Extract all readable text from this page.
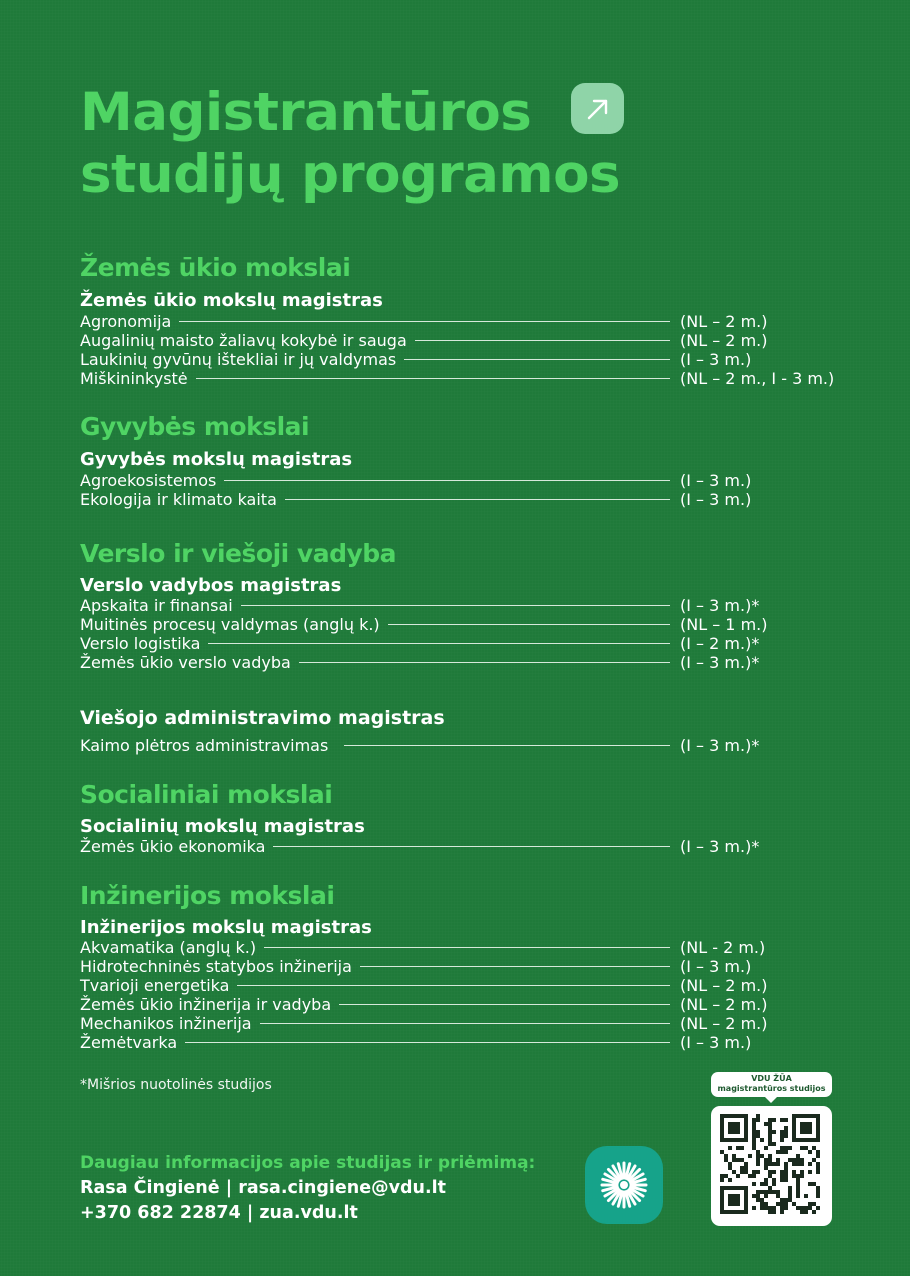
Magistrantūros
studijų programos
Žemės ūkio mokslai
Žemės ūkio mokslų magistras
Agronomija	(NL – 2 m.)
Augalinių maisto žaliavų kokybė ir sauga	(NL – 2 m.)
Laukinių gyvūnų ištekliai ir jų valdymas	(I – 3 m.)
Miškininkystė	(NL – 2 m., I - 3 m.)
Gyvybės mokslai
Gyvybės mokslų magistras
Agroekosistemos	(I – 3 m.)
Ekologija ir klimato kaita	(I – 3 m.)
Verslo ir viešoji vadyba
Verslo vadybos magistras
Apskaita ir finansai	(I – 3 m.)*
Muitinės procesų valdymas (anglų k.)	(NL – 1 m.)
Verslo logistika	(I – 2 m.)*
Žemės ūkio verslo vadyba	(I – 3 m.)*
Viešojo administravimo magistras
Kaimo plėtros administravimas	(I – 3 m.)*
Socialiniai mokslai
Socialinių mokslų magistras
Žemės ūkio ekonomika	(I – 3 m.)*
Inžinerijos mokslai
Inžinerijos mokslų magistras
Akvamatika (anglų k.)	(NL - 2 m.)
Hidrotechninės statybos inžinerija	(I – 3 m.)
Tvarioji energetika	(NL – 2 m.)
Žemės ūkio inžinerija ir vadyba	(NL – 2 m.)
Mechanikos inžinerija	(NL – 2 m.)
Žemėtvarka	(I – 3 m.)
*Mišrios nuotolinės studijos
Daugiau informacijos apie studijas ir priėmimą:
Rasa Čingienė | rasa.cingiene@vdu.lt
+370 682 22874 | zua.vdu.lt
VDU ŽŪA
magistrantūros studijos
